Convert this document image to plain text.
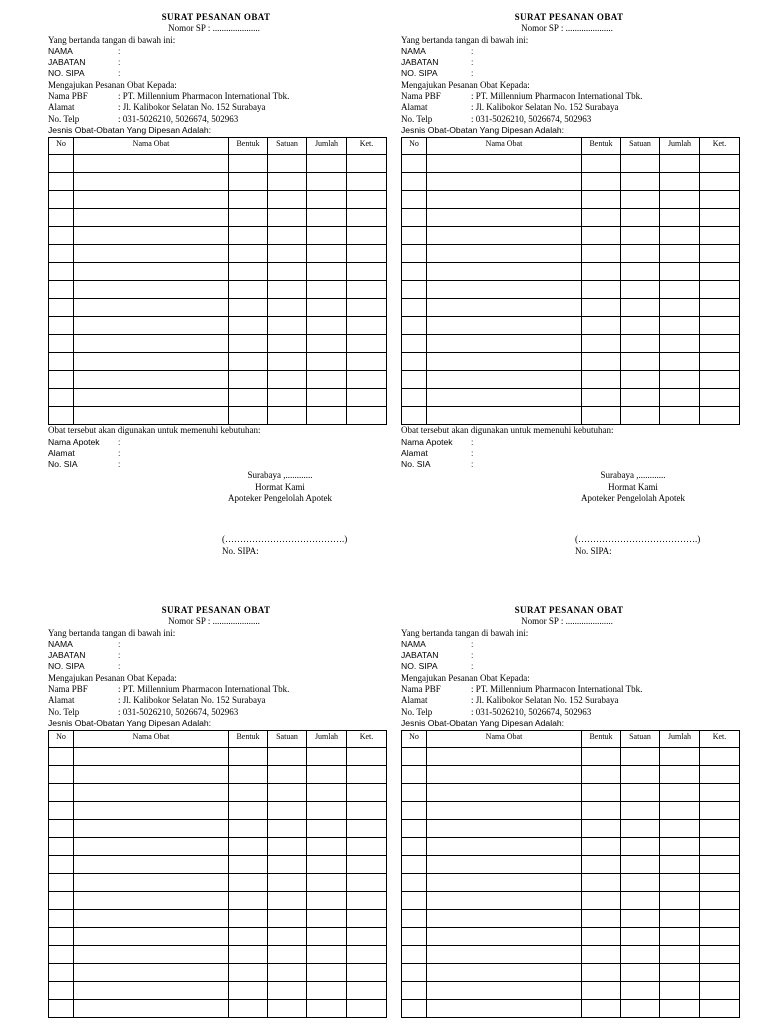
SURAT PESANAN OBAT
Nomor SP : .....................
Yang bertanda tangan di bawah ini:
NAMA	:
JABATAN	:
NO. SIPA	:
Mengajukan Pesanan Obat Kepada:
Nama PBF	: PT. Millennium Pharmacon International Tbk.
Alamat	: Jl. Kalibokor Selatan No. 152 Surabaya
No. Telp	: 031-5026210, 5026674, 502963
Jesnis Obat-Obatan Yang Dipesan Adalah:
No	Nama Obat	Bentuk	Satuan	Jumlah	Ket.

Obat tersebut akan digunakan untuk memenuhi kebutuhan:
Nama Apotek	:
Alamat	:
No. SIA	:
Surabaya ,............
Hormat Kami
Apoteker Pengelolah Apotek
(………………………………….)
No. SIPA:
SURAT PESANAN OBAT
Nomor SP : .....................
Yang bertanda tangan di bawah ini:
NAMA	:
JABATAN	:
NO. SIPA	:
Mengajukan Pesanan Obat Kepada:
Nama PBF	: PT. Millennium Pharmacon International Tbk.
Alamat	: Jl. Kalibokor Selatan No. 152 Surabaya
No. Telp	: 031-5026210, 5026674, 502963
Jesnis Obat-Obatan Yang Dipesan Adalah:
No	Nama Obat	Bentuk	Satuan	Jumlah	Ket.

Obat tersebut akan digunakan untuk memenuhi kebutuhan:
Nama Apotek	:
Alamat	:
No. SIA	:
Surabaya ,............
Hormat Kami
Apoteker Pengelolah Apotek
(………………………………….)
No. SIPA:
SURAT PESANAN OBAT
Nomor SP : .....................
Yang bertanda tangan di bawah ini:
NAMA	:
JABATAN	:
NO. SIPA	:
Mengajukan Pesanan Obat Kepada:
Nama PBF	: PT. Millennium Pharmacon International Tbk.
Alamat	: Jl. Kalibokor Selatan No. 152 Surabaya
No. Telp	: 031-5026210, 5026674, 502963
Jesnis Obat-Obatan Yang Dipesan Adalah:
No	Nama Obat	Bentuk	Satuan	Jumlah	Ket.

SURAT PESANAN OBAT
Nomor SP : .....................
Yang bertanda tangan di bawah ini:
NAMA	:
JABATAN	:
NO. SIPA	:
Mengajukan Pesanan Obat Kepada:
Nama PBF	: PT. Millennium Pharmacon International Tbk.
Alamat	: Jl. Kalibokor Selatan No. 152 Surabaya
No. Telp	: 031-5026210, 5026674, 502963
Jesnis Obat-Obatan Yang Dipesan Adalah:
No	Nama Obat	Bentuk	Satuan	Jumlah	Ket.
